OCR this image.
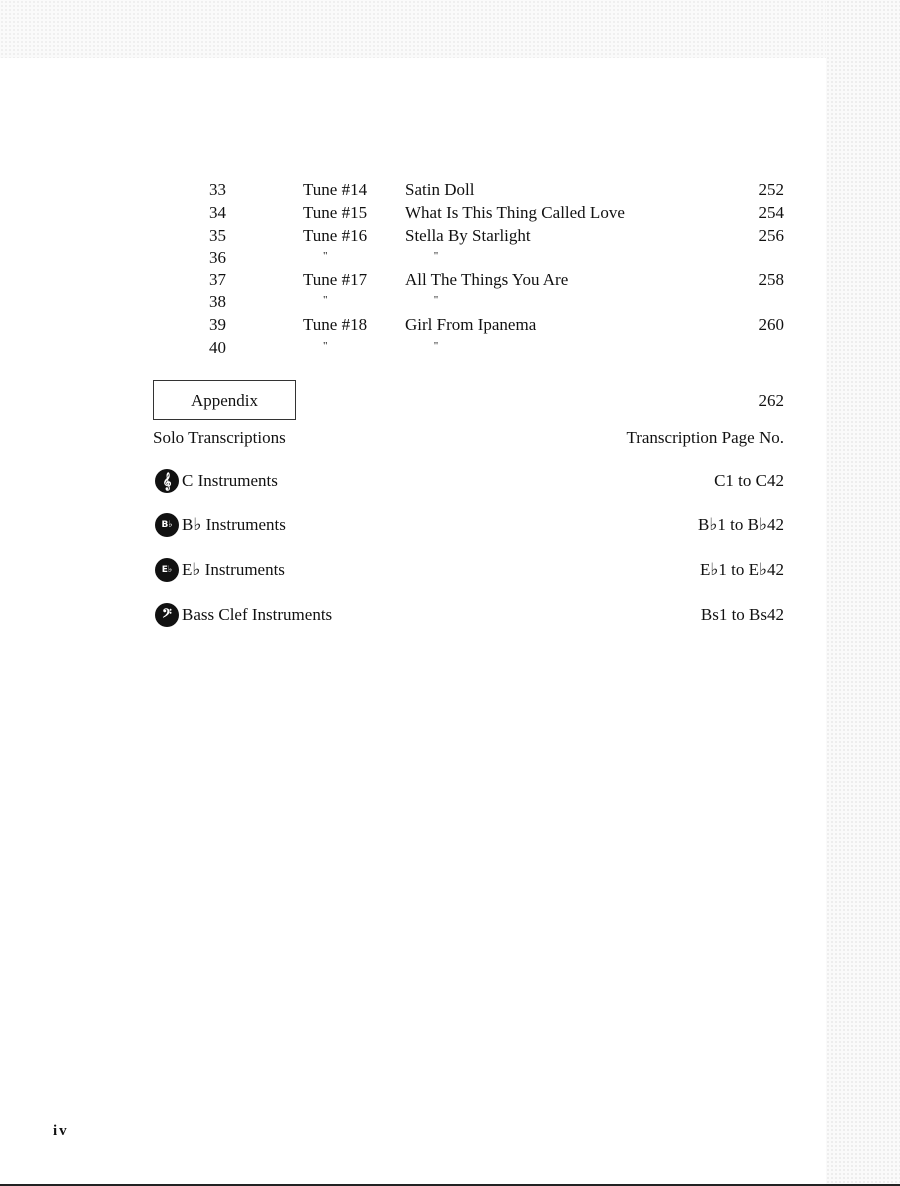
33	Tune #14 Satin Doll	252
34	Tune #15 What Is This Thing Called Love	254
35	Tune #16 Stella By Starlight	256
36	"	"
37	Tune #17 All The Things You Are	258
38	"	"
39	Tune #18 Girl From Ipanema	260
40	"	"
Appendix	262
Solo Transcriptions	Transcription Page No.
𝄞 C Instruments	C1 to C42
B♭ B♭ Instruments	B♭1 to B♭42
E♭ E♭ Instruments	E♭1 to E♭42
𝄢 Bass Clef Instruments	Bs1 to Bs42
iv
